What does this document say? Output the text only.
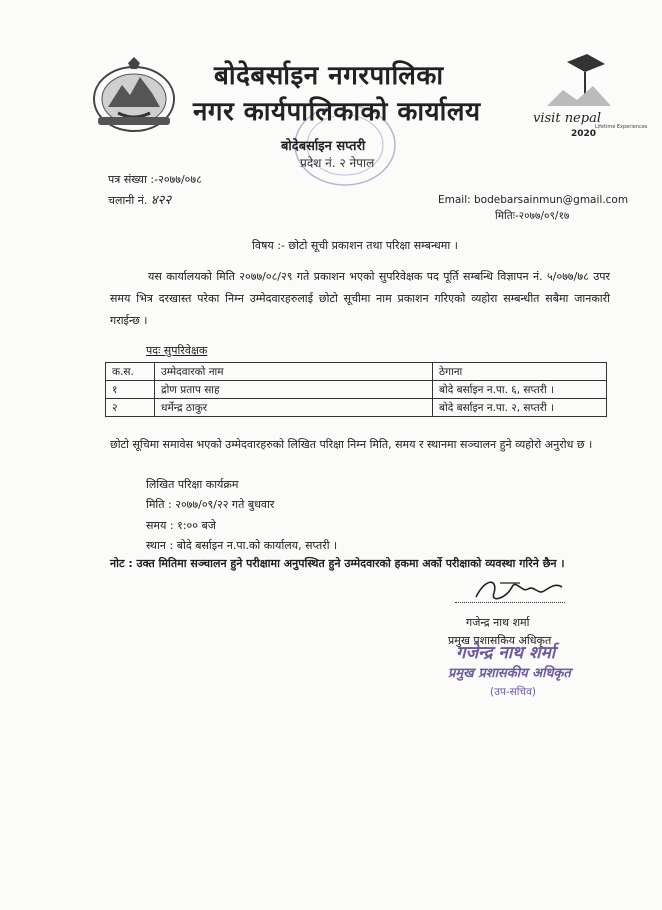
visit nepal
2020
Lifetime Experiences
बोदेबर्साइन नगरपालिका
नगर कार्यपालिकाको कार्यालय
बोदेबर्साइन सप्तरी
प्रदेश नं. २ नेपाल
पत्र संख्या :-२०७७/०७८
चलानी नं. ४२२	Email: bodebarsainmun@gmail.com
मितिः-२०७७/०९/१७
विषय :- छोटो सूची प्रकाशन तथा परिक्षा सम्बन्धमा ।
यस कार्यालयको मिति २०७७/०८/२९ गते प्रकाशन भएको सुपरिवेक्षक पद पूर्ति सम्बन्धि विज्ञापन नं. ५/०७७/७८ उपर समय भित्र दरखास्त परेका निम्न उम्मेदवारहरुलाई छोटो सूचीमा नाम प्रकाशन गरिएको व्यहोरा सम्बन्धीत सबैमा जानकारी गराईन्छ ।
पदः सुपरिवेक्षक
क.स.	उम्मेदवारको नाम	ठेगाना
१	द्रोण प्रताप साह	बोदे बर्साइन न.पा. ६, सप्तरी ।
२	धर्मेन्द्र ठाकुर	बोदे बर्साइन न.पा. २, सप्तरी ।
छोटो सूचिमा समावेस भएको उम्मेदवारहरुको लिखित परिक्षा निम्न मिति, समय र स्थानमा सञ्चालन हुने व्यहोरो अनुरोध छ ।
लिखित परिक्षा कार्यक्रम
मिति : २०७७/०९/२२ गते बुधवार
समय : १:०० बजे
स्थान : बोदे बर्साइन न.पा.को कार्यालय, सप्तरी ।
नोट : उक्त मितिमा सञ्चालन हुने परीक्षामा अनुपस्थित हुने उम्मेदवारको हकमा अर्को परीक्षाको व्यवस्था गरिने छैन ।
गजेन्द्र नाथ शर्मा
प्रमुख प्रशासकिय अधिकृत
गजेन्द्र नाथ शर्मा
प्रमुख प्रशासकीय अधिकृत
(उप-सचिव)
